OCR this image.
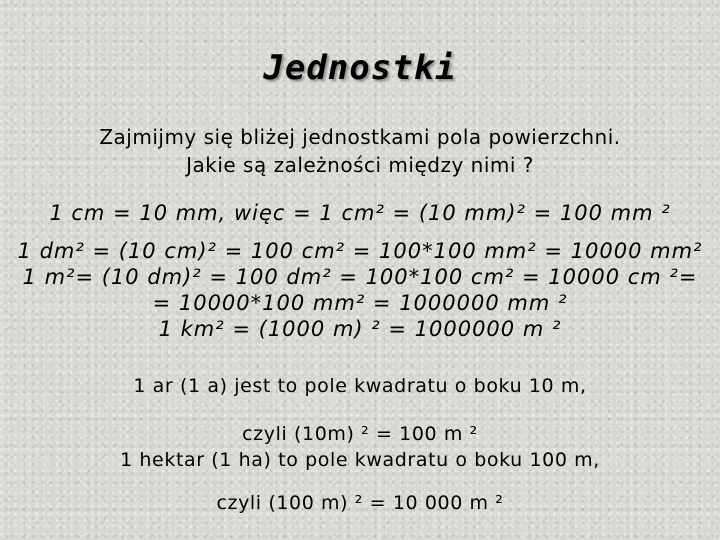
Jednostki
Zajmijmy się bliżej jednostkami pola powierzchni.
Jakie są zależności między nimi ?
1 cm = 10 mm, więc = 1 cm² = (10 mm)² = 100 mm ²
1 dm² = (10 cm)² = 100 cm² = 100*100 mm² = 10000 mm²
1 m²= (10 dm)² = 100 dm² = 100*100 cm² = 10000 cm ²=
= 10000*100 mm² = 1000000 mm ²
1 km² = (1000 m) ² = 1000000 m ²
1 ar (1 a) jest to pole kwadratu o boku 10 m,
czyli (10m) ² = 100 m ²
1 hektar (1 ha) to pole kwadratu o boku 100 m,
czyli (100 m) ² = 10 000 m ²
